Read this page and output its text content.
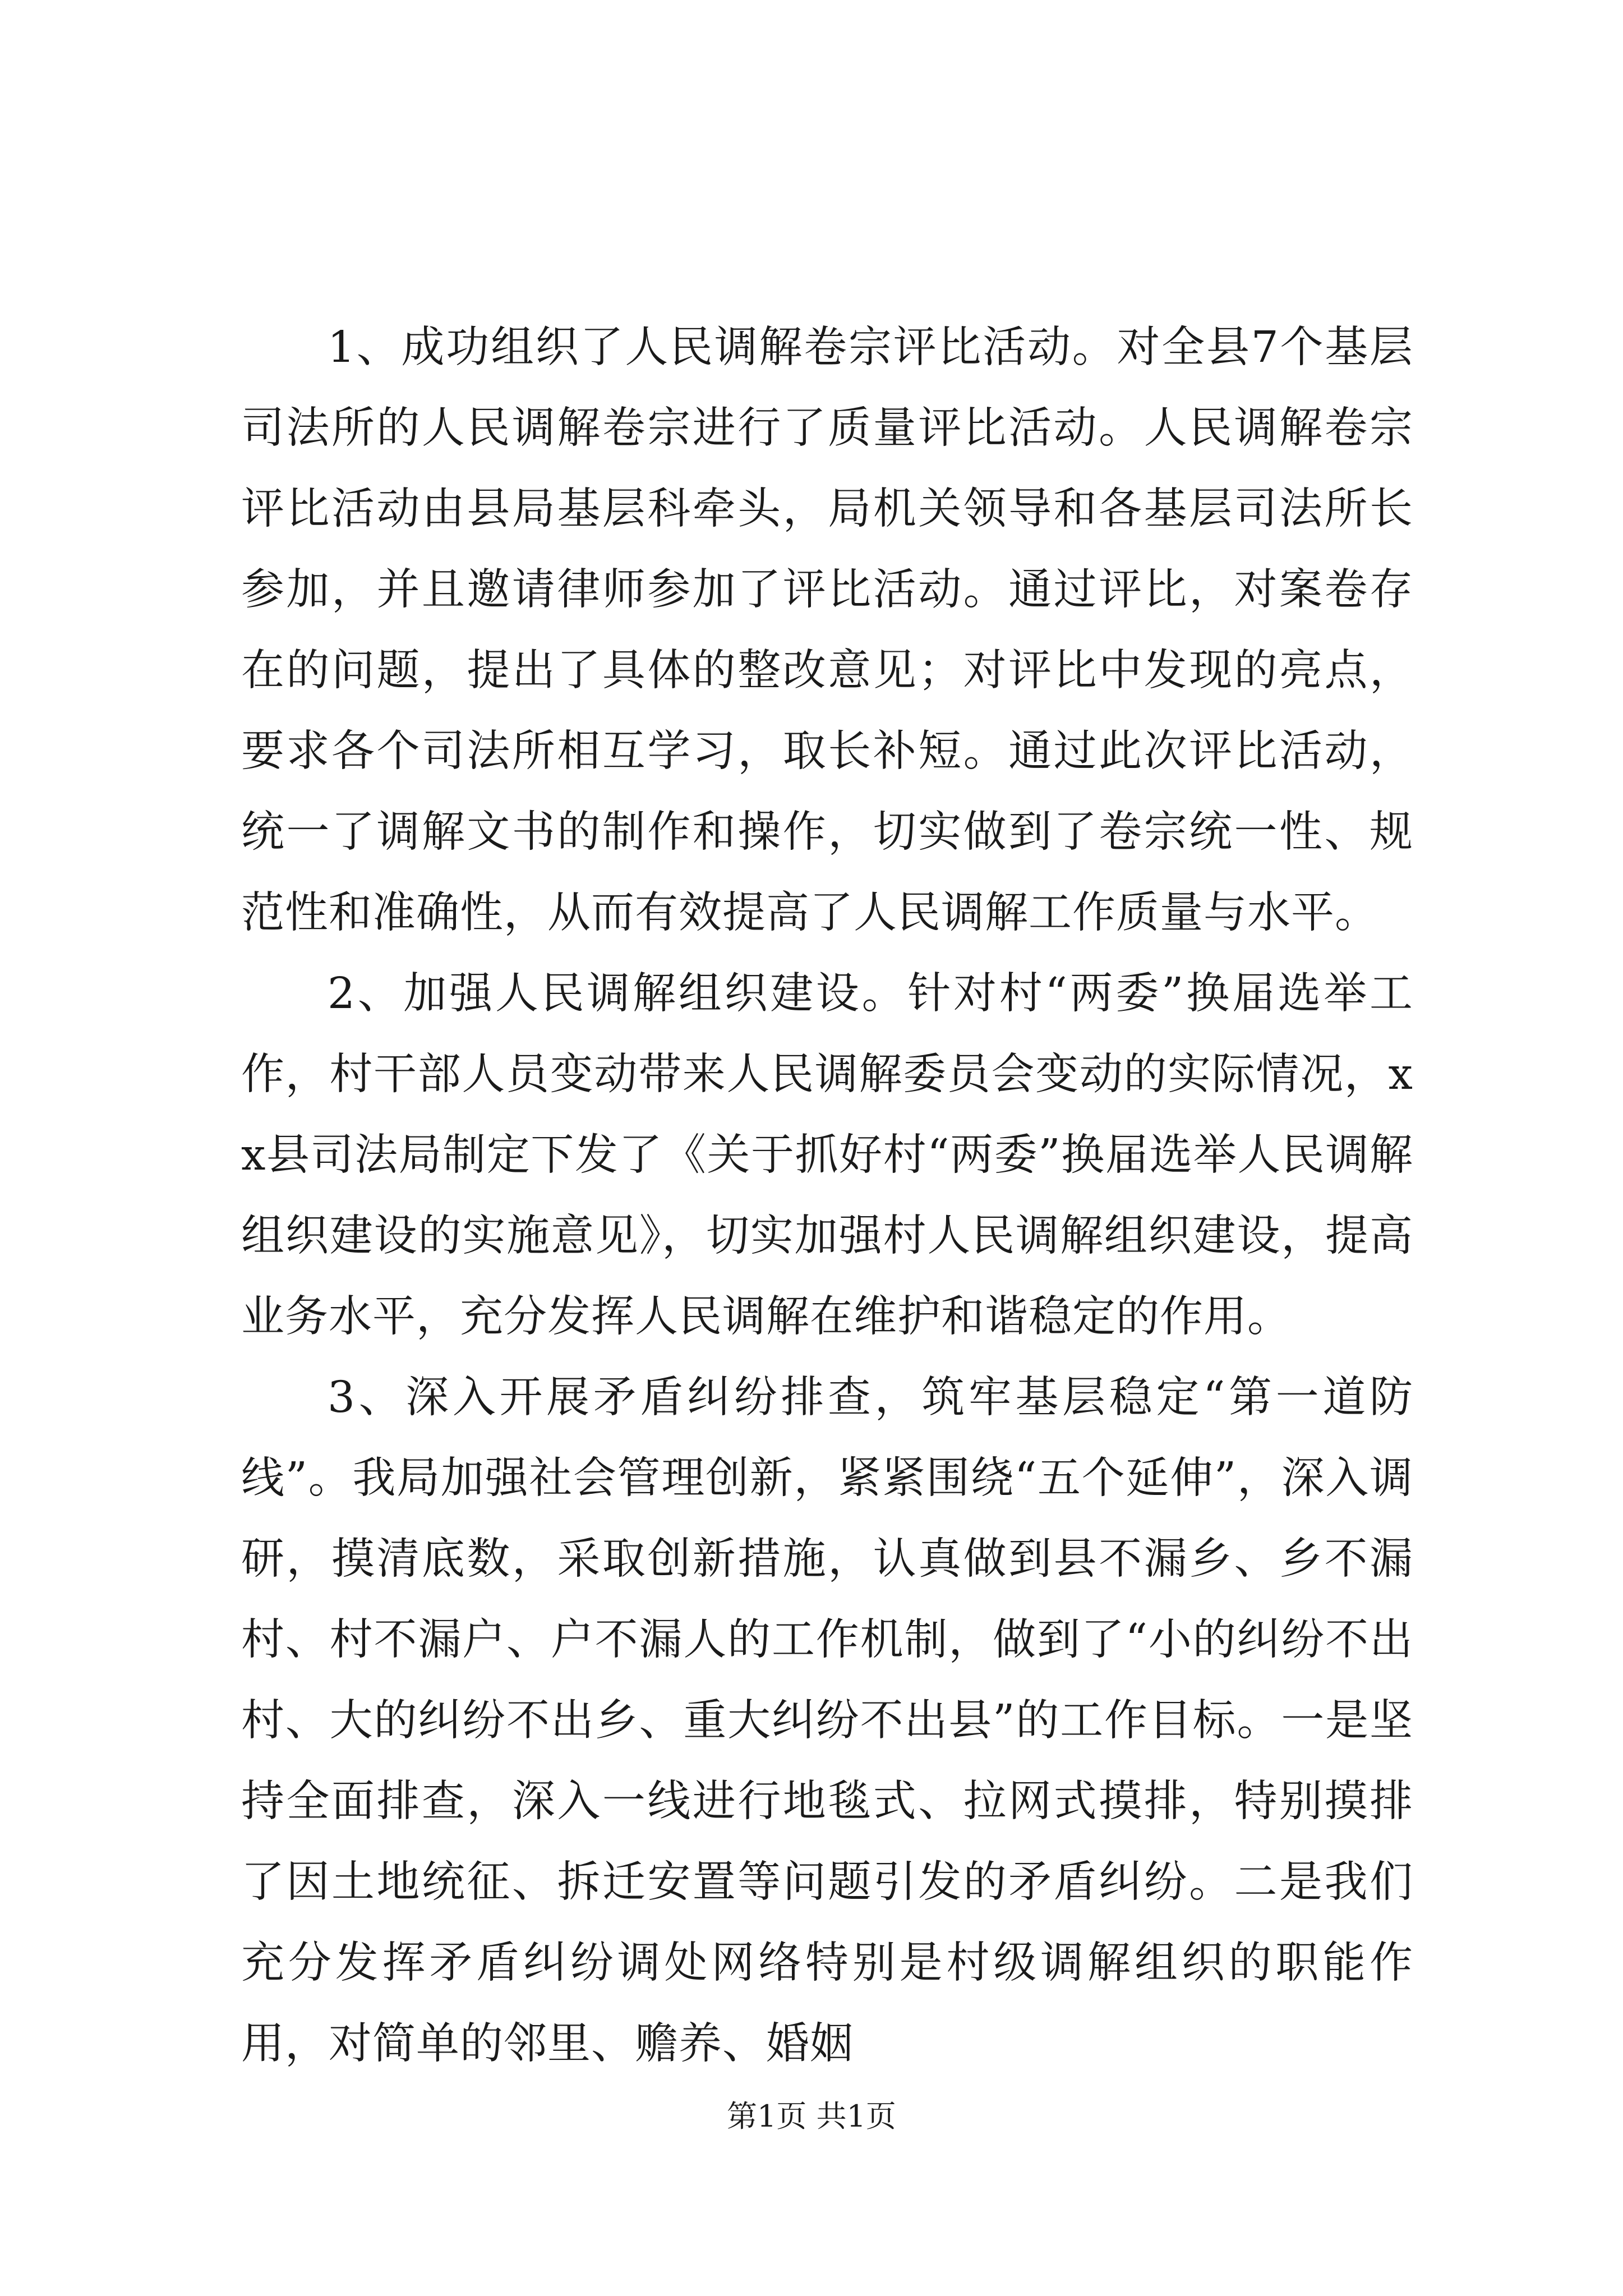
1、成功组织了人民调解卷宗评比活动。对全县7个基层司法所的人民调解卷宗进行了质量评比活动。人民调解卷宗评比活动由县局基层科牵头，局机关领导和各基层司法所长参加，并且邀请律师参加了评比活动。通过评比，对案卷存在的问题，提出了具体的整改意见；对评比中发现的亮点，要求各个司法所相互学习，取长补短。通过此次评比活动，统一了调解文书的制作和操作，切实做到了卷宗统一性、规范性和准确性，从而有效提高了人民调解工作质量与水平。

2、加强人民调解组织建设。针对村“两委”换届选举工作，村干部人员变动带来人民调解委员会变动的实际情况，xx县司法局制定下发了《关于抓好村“两委”换届选举人民调解组织建设的实施意见》，切实加强村人民调解组织建设，提高业务水平，充分发挥人民调解在维护和谐稳定的作用。

3、深入开展矛盾纠纷排查，筑牢基层稳定“第一道防线”。我局加强社会管理创新，紧紧围绕“五个延伸”，深入调研，摸清底数，采取创新措施，认真做到县不漏乡、乡不漏村、村不漏户、户不漏人的工作机制，做到了“小的纠纷不出村、大的纠纷不出乡、重大纠纷不出县”的工作目标。一是坚持全面排查，深入一线进行地毯式、拉网式摸排，特别摸排了因土地统征、拆迁安置等问题引发的矛盾纠纷。二是我们充分发挥矛盾纠纷调处网络特别是村级调解组织的职能作用，对简单的邻里、赡养、婚姻

第1页 共1页
